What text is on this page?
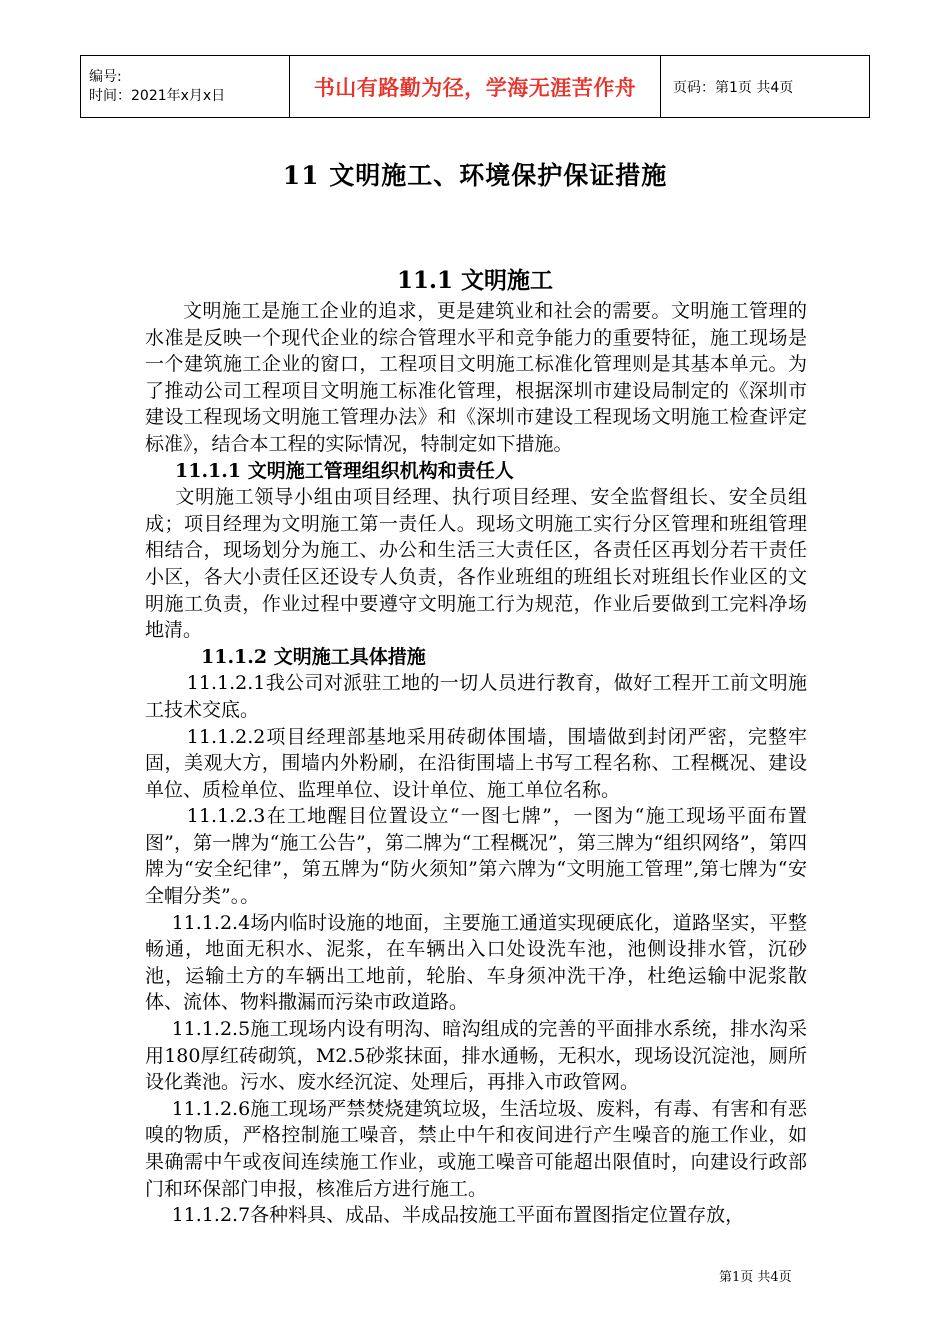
编号:
时间：2021年x月x日	书山有路勤为径，学海无涯苦作舟	页码：第1页 共4页
11 文明施工、环境保护保证措施
11.1 文明施工

文明施工是施工企业的追求，更是建筑业和社会的需要。文明施工管理的水准是反映一个现代企业的综合管理水平和竞争能力的重要特征，施工现场是一个建筑施工企业的窗口，工程项目文明施工标准化管理则是其基本单元。为了推动公司工程项目文明施工标准化管理，根据深圳市建设局制定的《深圳市建设工程现场文明施工管理办法》和《深圳市建设工程现场文明施工检查评定标准》，结合本工程的实际情况，特制定如下措施。

11.1.1 文明施工管理组织机构和责任人

文明施工领导小组由项目经理、执行项目经理、安全监督组长、安全员组成；项目经理为文明施工第一责任人。现场文明施工实行分区管理和班组管理相结合，现场划分为施工、办公和生活三大责任区，各责任区再划分若干责任小区，各大小责任区还设专人负责，各作业班组的班组长对班组长作业区的文明施工负责，作业过程中要遵守文明施工行为规范，作业后要做到工完料净场地清。

11.1.2 文明施工具体措施

11.1.2.1我公司对派驻工地的一切人员进行教育，做好工程开工前文明施工技术交底。

11.1.2.2项目经理部基地采用砖砌体围墙，围墙做到封闭严密，完整牢固，美观大方，围墙内外粉刷，在沿街围墙上书写工程名称、工程概况、建设单位、质检单位、监理单位、设计单位、施工单位名称。

11.1.2.3在工地醒目位置设立“一图七牌”，一图为“施工现场平面布置图”，第一牌为“施工公告”，第二牌为“工程概况”，第三牌为“组织网络”，第四牌为“安全纪律”，第五牌为“防火须知”第六牌为“文明施工管理”,第七牌为“安全帽分类”。。

11.1.2.4场内临时设施的地面，主要施工通道实现硬底化，道路坚实，平整畅通，地面无积水、泥浆，在车辆出入口处设洗车池，池侧设排水管，沉砂池，运输土方的车辆出工地前，轮胎、车身须冲洗干净，杜绝运输中泥浆散体、流体、物料撒漏而污染市政道路。

11.1.2.5施工现场内设有明沟、暗沟组成的完善的平面排水系统，排水沟采用180厚红砖砌筑，M2.5砂浆抹面，排水通畅，无积水，现场设沉淀池，厕所设化粪池。污水、废水经沉淀、处理后，再排入市政管网。

11.1.2.6施工现场严禁焚烧建筑垃圾，生活垃圾、废料，有毒、有害和有恶嗅的物质，严格控制施工噪音，禁止中午和夜间进行产生噪音的施工作业，如果确需中午或夜间连续施工作业，或施工噪音可能超出限值时，向建设行政部门和环保部门申报，核准后方进行施工。

11.1.2.7各种料具、成品、半成品按施工平面布置图指定位置存放，

第1页 共4页
